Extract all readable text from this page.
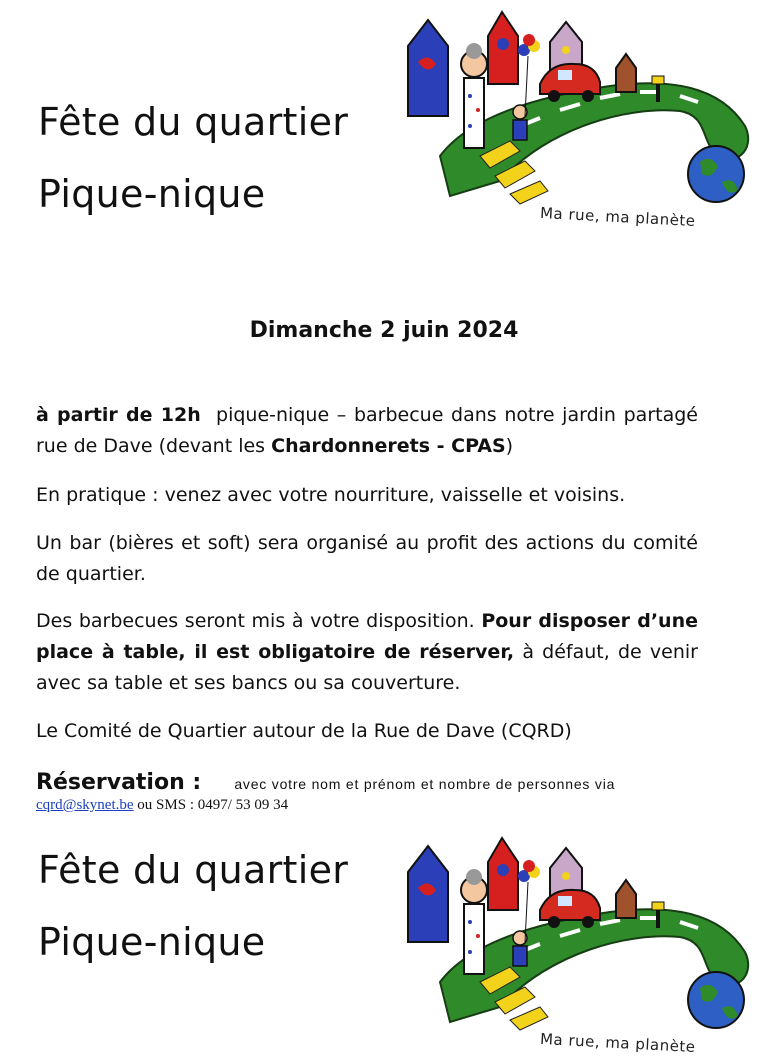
Fête du quartier
Pique-nique
Ma rue, ma planète
Dimanche 2 juin 2024
à partir de 12h pique-nique – barbecue dans notre jardin partagé rue de Dave (devant les Chardonnerets - CPAS)
En pratique : venez avec votre nourriture, vaisselle et voisins.
Un bar (bières et soft) sera organisé au profit des actions du comité de quartier.
Des barbecues seront mis à votre disposition. Pour disposer d’une place à table, il est obligatoire de réserver, à défaut, de venir avec sa table et ses bancs ou sa couverture.
Le Comité de Quartier autour de la Rue de Dave (CQRD)
Réservation : avec votre nom et prénom et nombre de personnes via
cqrd@skynet.be ou SMS : 0497/ 53 09 34
Fête du quartier
Pique-nique
Ma rue, ma planète
